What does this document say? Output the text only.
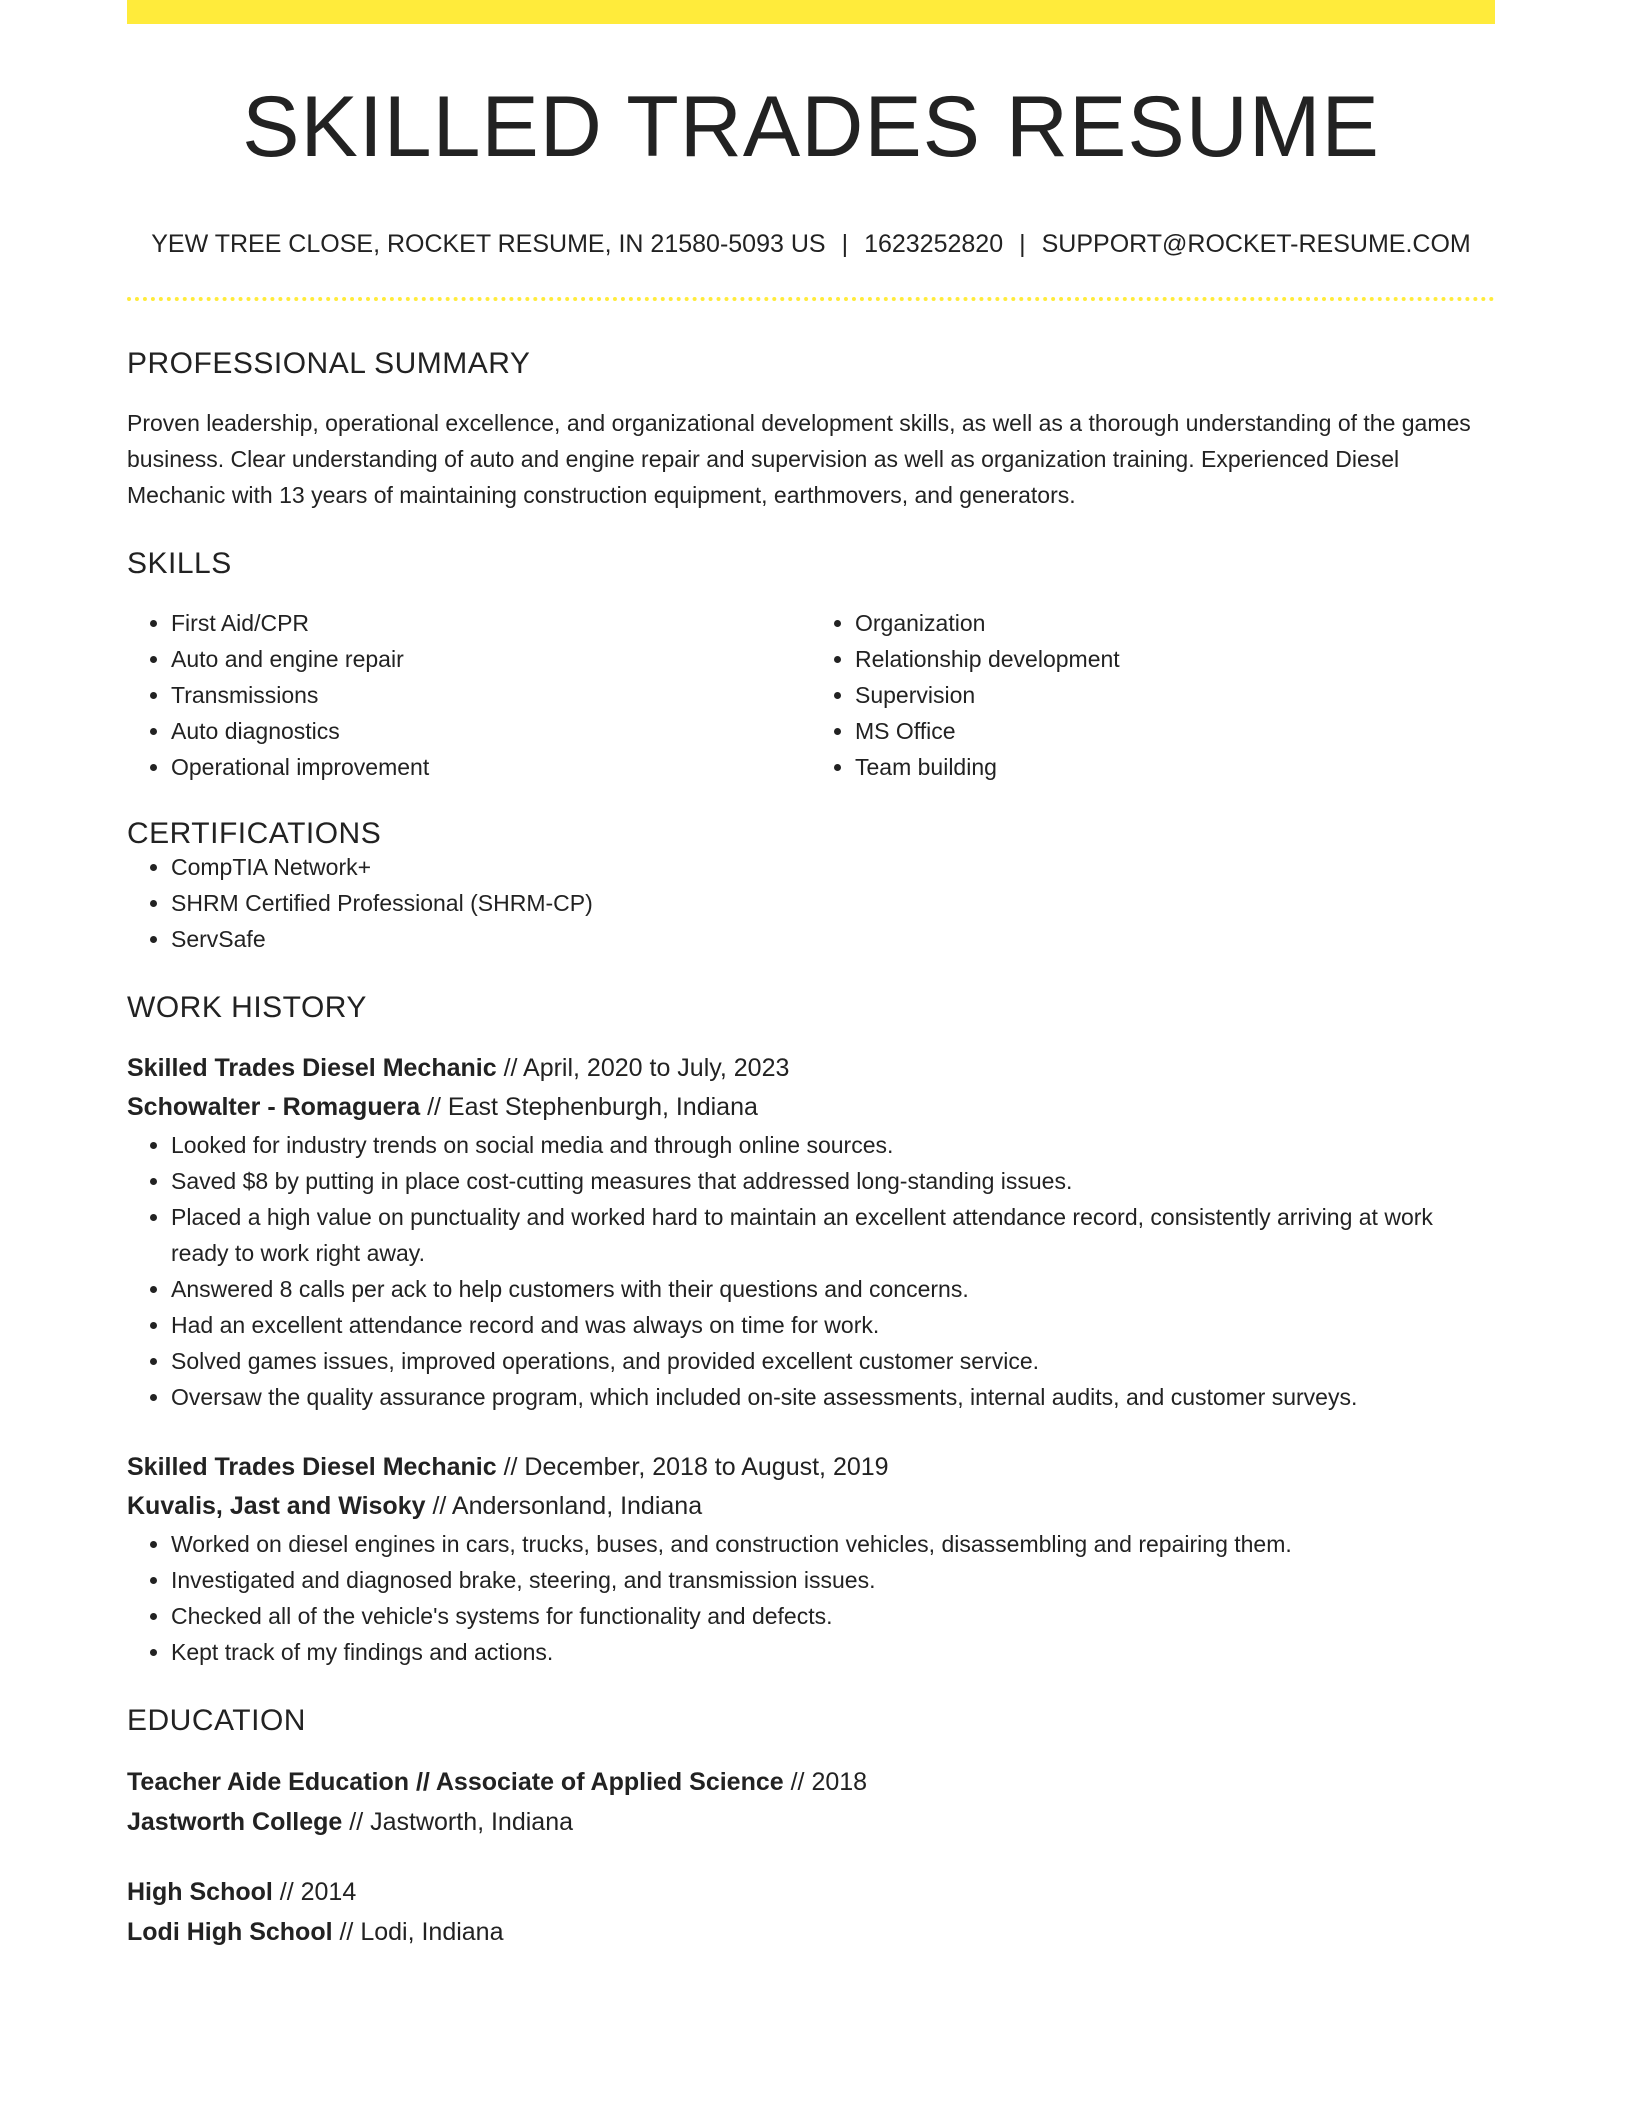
SKILLED TRADES RESUME
YEW TREE CLOSE, ROCKET RESUME, IN 21580-5093 US | 1623252820 | SUPPORT@ROCKET-RESUME.COM
PROFESSIONAL SUMMARY

Proven leadership, operational excellence, and organizational development skills, as well as a thorough understanding of the games business. Clear understanding of auto and engine repair and supervision as well as organization training. Experienced Diesel Mechanic with 13 years of maintaining construction equipment, earthmovers, and generators.

SKILLS
• First Aid/CPR
• Auto and engine repair
• Transmissions
• Auto diagnostics
• Operational improvement
• Organization
• Relationship development
• Supervision
• MS Office
• Team building
CERTIFICATIONS
• CompTIA Network+
• SHRM Certified Professional (SHRM-CP)
• ServSafe
WORK HISTORY
Skilled Trades Diesel Mechanic // April, 2020 to July, 2023
Schowalter - Romaguera // East Stephenburgh, Indiana
• Looked for industry trends on social media and through online sources.
• Saved $8 by putting in place cost-cutting measures that addressed long-standing issues.
• Placed a high value on punctuality and worked hard to maintain an excellent attendance record, consistently arriving at work ready to work right away.
• Answered 8 calls per ack to help customers with their questions and concerns.
• Had an excellent attendance record and was always on time for work.
• Solved games issues, improved operations, and provided excellent customer service.
• Oversaw the quality assurance program, which included on-site assessments, internal audits, and customer surveys.
Skilled Trades Diesel Mechanic // December, 2018 to August, 2019
Kuvalis, Jast and Wisoky // Andersonland, Indiana
• Worked on diesel engines in cars, trucks, buses, and construction vehicles, disassembling and repairing them.
• Investigated and diagnosed brake, steering, and transmission issues.
• Checked all of the vehicle's systems for functionality and defects.
• Kept track of my findings and actions.
EDUCATION
Teacher Aide Education // Associate of Applied Science // 2018
Jastworth College // Jastworth, Indiana
High School // 2014
Lodi High School // Lodi, Indiana
